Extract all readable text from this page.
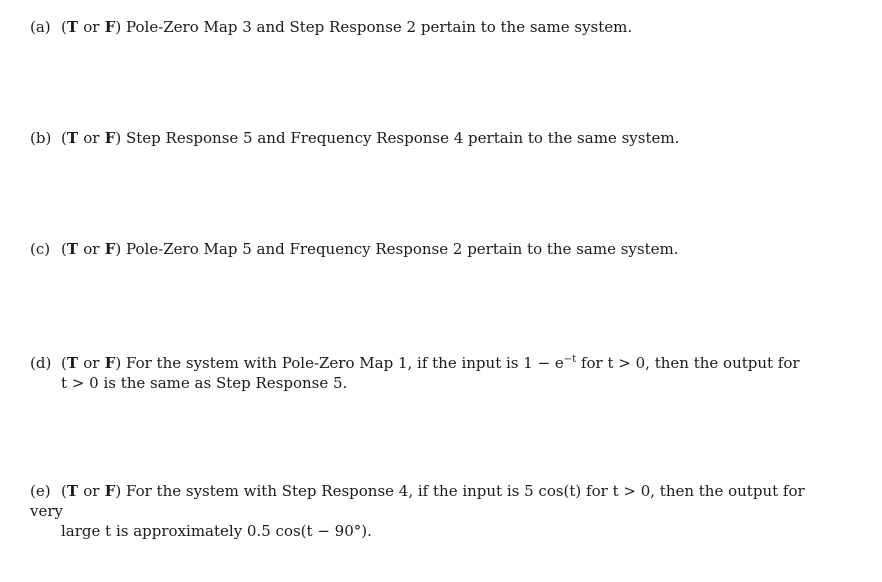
(a) (T or F) Pole-Zero Map 3 and Step Response 2 pertain to the same system.
(b) (T or F) Step Response 5 and Frequency Response 4 pertain to the same system.
(c) (T or F) Pole-Zero Map 5 and Frequency Response 2 pertain to the same system.
(d) (T or F) For the system with Pole-Zero Map 1, if the input is $1 - e^{-t}$ for t > 0, then the output for
t > 0 is the same as Step Response 5.
(e) (T or F) For the system with Step Response 4, if the input is 5 cos(t) for t > 0, then the output for very
large t is approximately 0.5 cos(t − 90°).
